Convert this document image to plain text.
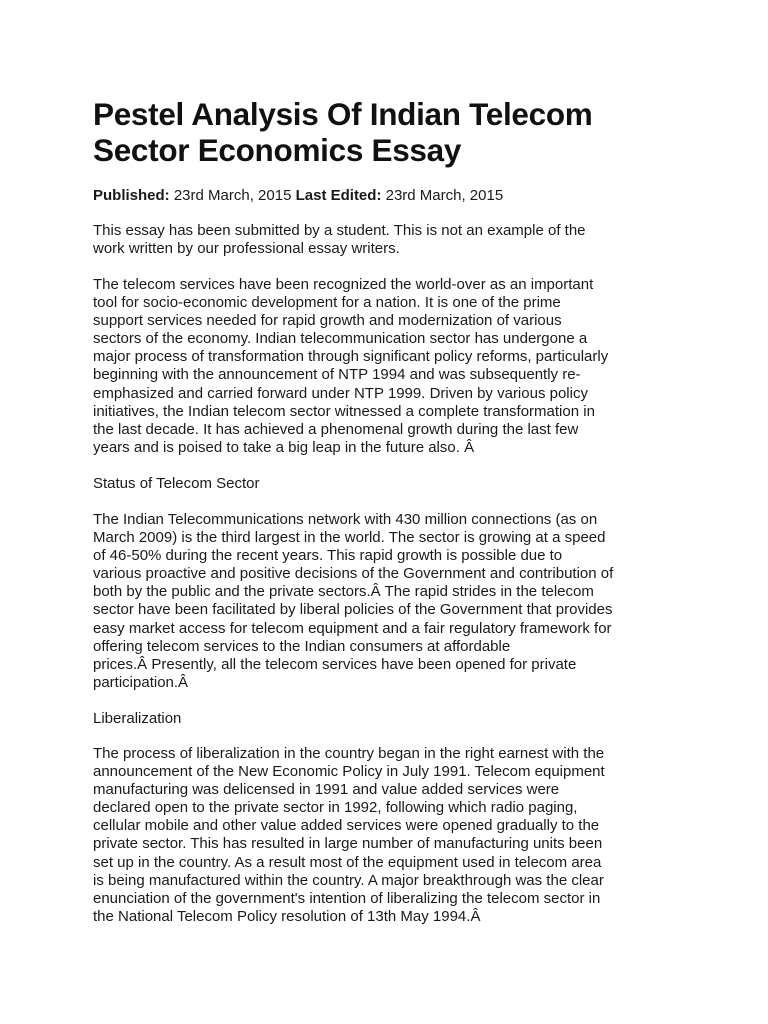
Pestel Analysis Of Indian Telecom
Sector Economics Essay
Published: 23rd March, 2015 Last Edited: 23rd March, 2015

This essay has been submitted by a student. This is not an example of the
work written by our professional essay writers.

The telecom services have been recognized the world-over as an important
tool for socio-economic development for a nation. It is one of the prime
support services needed for rapid growth and modernization of various
sectors of the economy. Indian telecommunication sector has undergone a
major process of transformation through significant policy reforms, particularly
beginning with the announcement of NTP 1994 and was subsequently re-
emphasized and carried forward under NTP 1999. Driven by various policy
initiatives, the Indian telecom sector witnessed a complete transformation in
the last decade. It has achieved a phenomenal growth during the last few
years and is poised to take a big leap in the future also. Â

Status of Telecom Sector

The Indian Telecommunications network with 430 million connections (as on
March 2009) is the third largest in the world. The sector is growing at a speed
of 46-50% during the recent years. This rapid growth is possible due to
various proactive and positive decisions of the Government and contribution of
both by the public and the private sectors.Â The rapid strides in the telecom
sector have been facilitated by liberal policies of the Government that provides
easy market access for telecom equipment and a fair regulatory framework for
offering telecom services to the Indian consumers at affordable
prices.Â Presently, all the telecom services have been opened for private
participation.Â

Liberalization

The process of liberalization in the country began in the right earnest with the
announcement of the New Economic Policy in July 1991. Telecom equipment
manufacturing was delicensed in 1991 and value added services were
declared open to the private sector in 1992, following which radio paging,
cellular mobile and other value added services were opened gradually to the
private sector. This has resulted in large number of manufacturing units been
set up in the country. As a result most of the equipment used in telecom area
is being manufactured within the country. A major breakthrough was the clear
enunciation of the government's intention of liberalizing the telecom sector in
the National Telecom Policy resolution of 13th May 1994.Â
